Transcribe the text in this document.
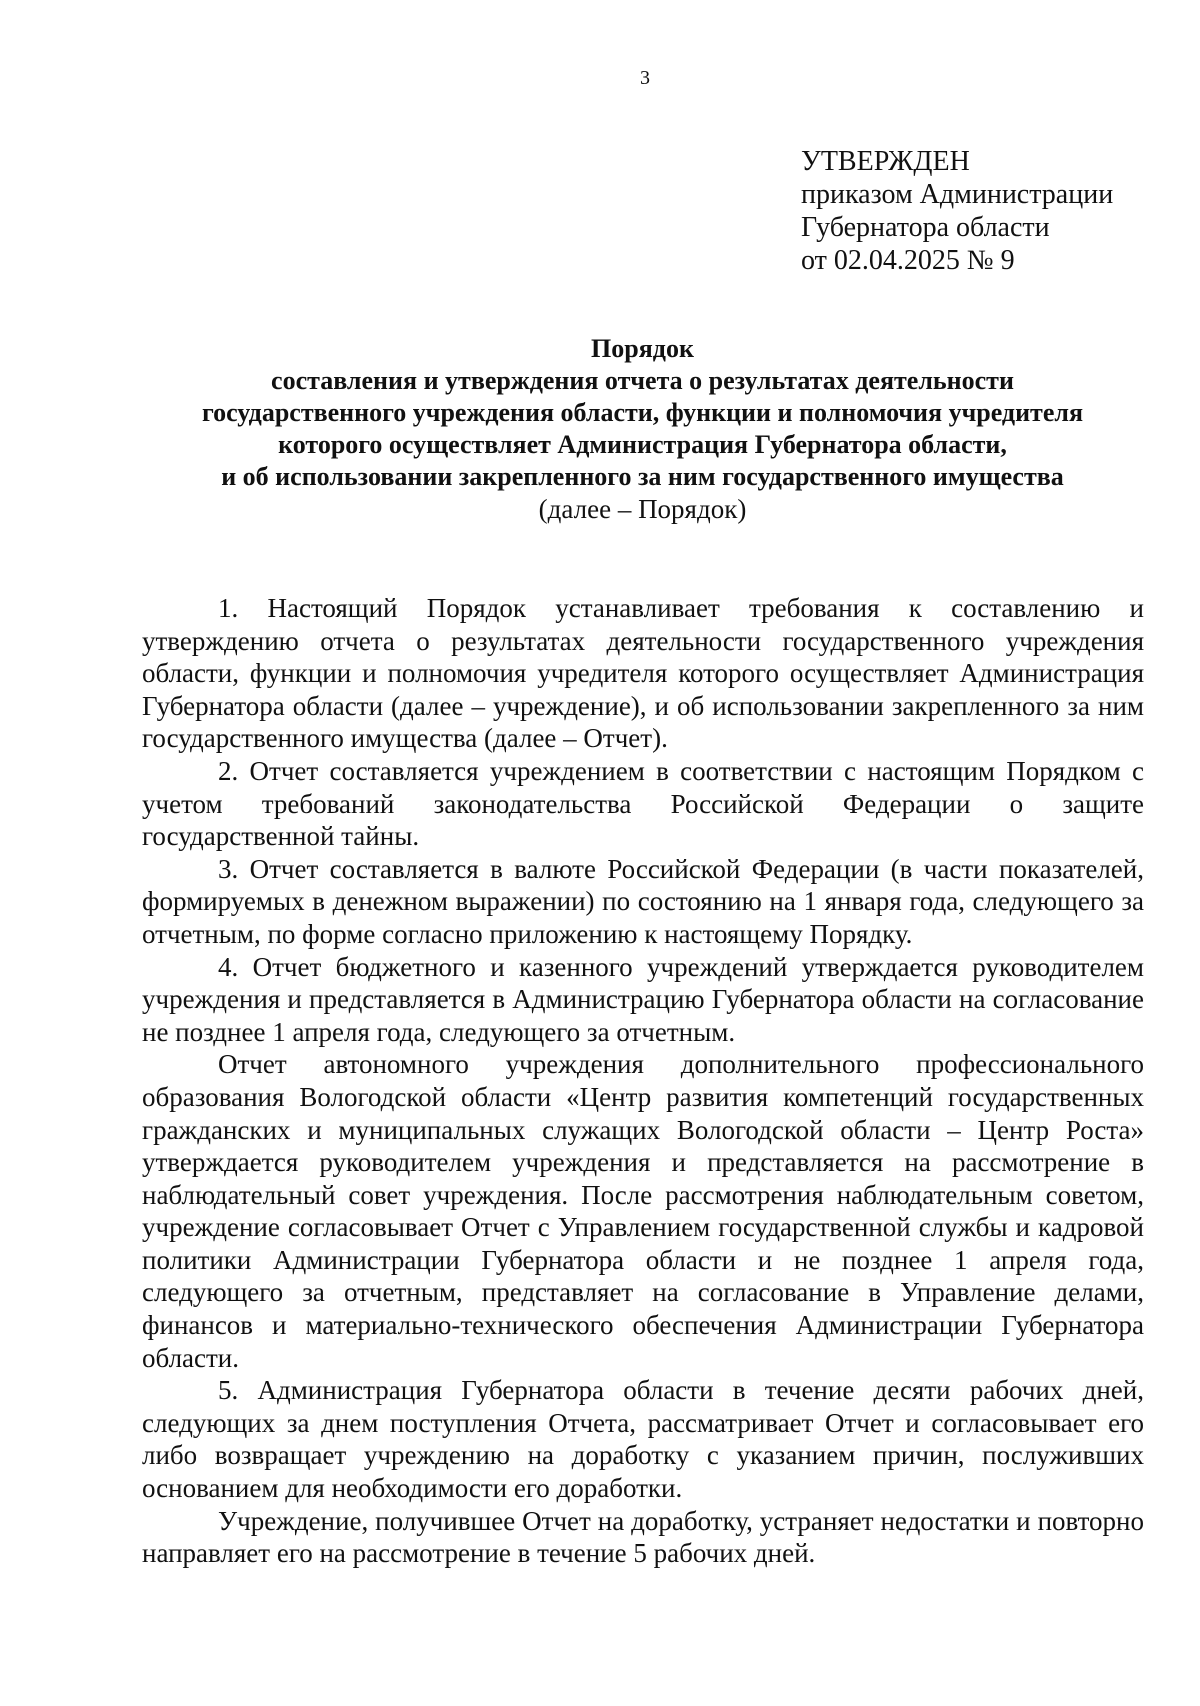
3
УТВЕРЖДЕН
приказом Администрации
Губернатора области
от 02.04.2025 № 9
Порядок
составления и утверждения отчета о результатах деятельности
государственного учреждения области, функции и полномочия учредителя
которого осуществляет Администрация Губернатора области,
и об использовании закрепленного за ним государственного имущества
(далее – Порядок)

1. Настоящий Порядок устанавливает требования к составлению и утверждению отчета о результатах деятельности государственного учреждения области, функции и полномочия учредителя которого осуществляет Администрация Губернатора области (далее – учреждение), и об использовании закрепленного за ним государственного имущества (далее – Отчет).

2. Отчет составляется учреждением в соответствии с настоящим Порядком с учетом требований законодательства Российской Федерации о защите государственной тайны.

3. Отчет составляется в валюте Российской Федерации (в части показателей, формируемых в денежном выражении) по состоянию на 1 января года, следующего за отчетным, по форме согласно приложению к настоящему Порядку.

4. Отчет бюджетного и казенного учреждений утверждается руководителем учреждения и представляется в Администрацию Губернатора области на согласование не позднее 1 апреля года, следующего за отчетным.

Отчет автономного учреждения дополнительного профессионального образования Вологодской области «Центр развития компетенций государственных гражданских и муниципальных служащих Вологодской области – Центр Роста» утверждается руководителем учреждения и представляется на рассмотрение в наблюдательный совет учреждения. После рассмотрения наблюдательным советом, учреждение согласовывает Отчет с Управлением государственной службы и кадровой политики Администрации Губернатора области и не позднее 1 апреля года, следующего за отчетным, представляет на согласование в Управление делами, финансов и материально-технического обеспечения Администрации Губернатора области.

5. Администрация Губернатора области в течение десяти рабочих дней, следующих за днем поступления Отчета, рассматривает Отчет и согласовывает его либо возвращает учреждению на доработку с указанием причин, послуживших основанием для необходимости его доработки.

Учреждение, получившее Отчет на доработку, устраняет недостатки и повторно направляет его на рассмотрение в течение 5 рабочих дней.
